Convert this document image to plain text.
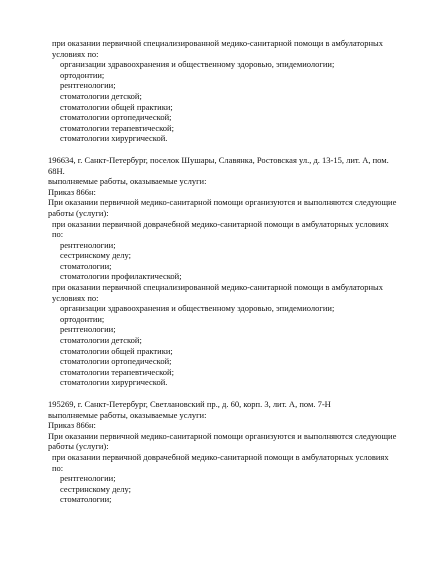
при оказании первичной специализированной медико-санитарной помощи в амбулаторных условиях по:
организации здравоохранения и общественному здоровью, эпидемиологии;
ортодонтии;
рентгенологии;
стоматологии детской;
стоматологии общей практики;
стоматологии ортопедической;
стоматологии терапевтической;
стоматологии хирургической.
196634, г. Санкт-Петербург, поселок Шушары, Славянка, Ростовская ул., д. 13-15, лит. А, пом. 68Н.
выполняемые работы, оказываемые услуги:
Приказ 866н:
При оказании первичной медико-санитарной помощи организуются и выполняются следующие работы (услуги):
при оказании первичной доврачебной медико-санитарной помощи в амбулаторных условиях по:
рентгенологии;
сестринскому делу;
стоматологии;
стоматологии профилактической;
при оказании первичной специализированной медико-санитарной помощи в амбулаторных условиях по:
организации здравоохранения и общественному здоровью, эпидемиологии;
ортодонтии;
рентгенологии;
стоматологии детской;
стоматологии общей практики;
стоматологии ортопедической;
стоматологии терапевтической;
стоматологии хирургической.
195269, г. Санкт-Петербург, Светлановский пр., д. 60, корп. 3, лит. А, пом. 7-Н
выполняемые работы, оказываемые услуги:
Приказ 866н:
При оказании первичной медико-санитарной помощи организуются и выполняются следующие работы (услуги):
при оказании первичной доврачебной медико-санитарной помощи в амбулаторных условиях по:
рентгенологии;
сестринскому делу;
стоматологии;
